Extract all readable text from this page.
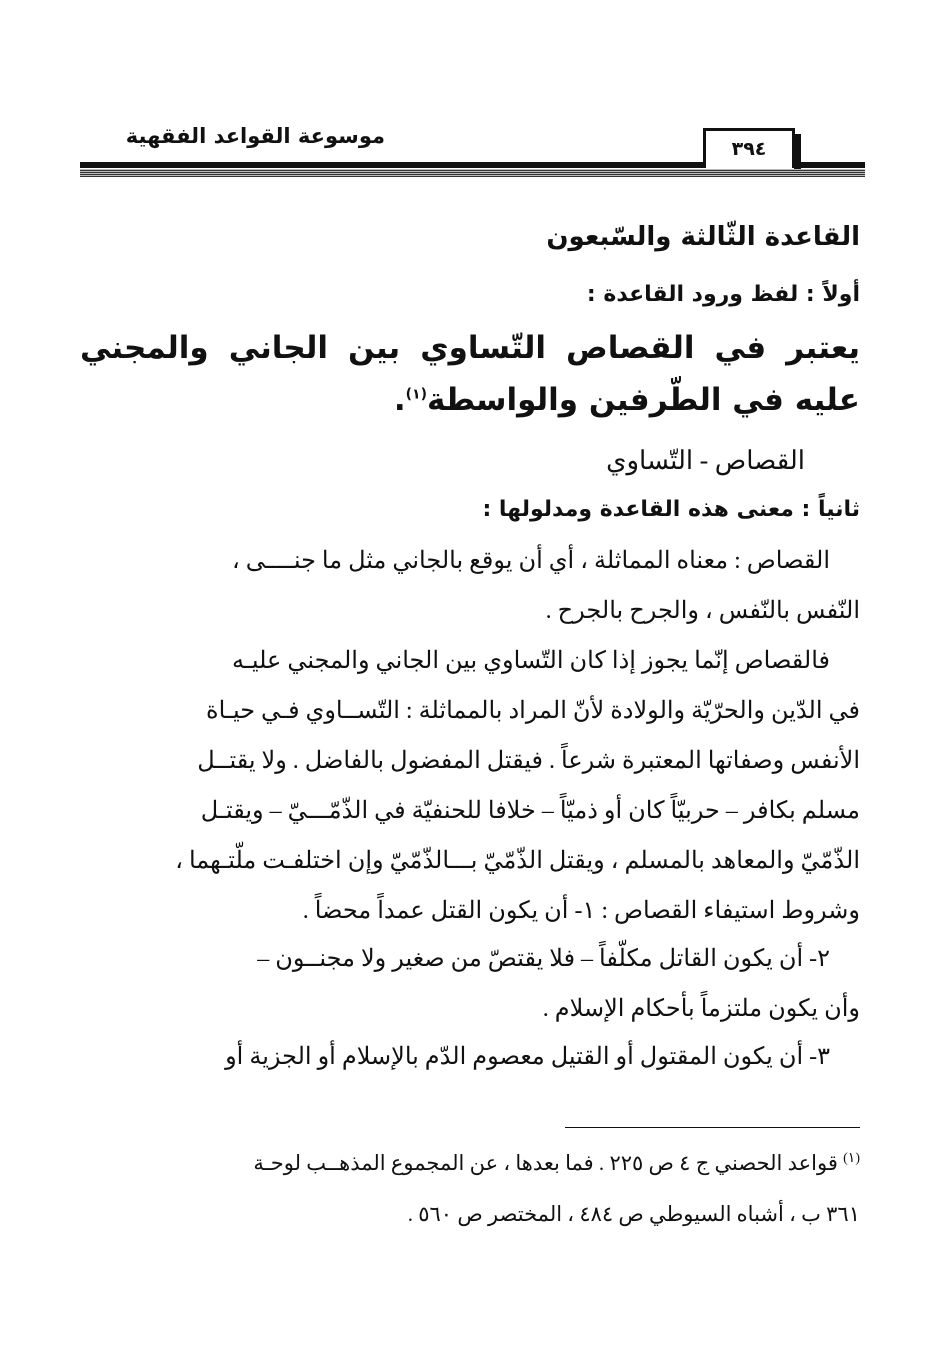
٣٩٤
موسوعة القواعد الفقهية
القاعدة الثّالثة والسّبعون
أولاً : لفظ ورود القاعدة :
يعتبر في القصاص التّساوي بين الجاني والمجني
عليه في الطّرفين والواسطة$^{(١)}$.
القصاص - التّساوي
ثانياً : معنى هذه القاعدة ومدلولها :
القصاص : معناه المماثلة ، أي أن يوقع بالجاني مثل ما جنــــى ،
النّفس بالنّفس ، والجرح بالجرح .
فالقصاص إنّما يجوز إذا كان التّساوي بين الجاني والمجني عليـه
في الدّين والحرّيّة والولادة لأنّ المراد بالمماثلة : التّســاوي فـي حيـاة
الأنفس وصفاتها المعتبرة شرعاً . فيقتل المفضول بالفاضل . ولا يقتــل
مسلم بكافر – حربيّاً كان أو ذميّاً – خلافا للحنفيّة في الذّمّـــيّ – ويقتـل
الذّمّيّ والمعاهد بالمسلم ، ويقتل الذّمّيّ بـــالذّمّيّ وإن اختلفـت ملّتـهما ،
وشروط استيفاء القصاص : ١- أن يكون القتل عمداً محضاً .
٢- أن يكون القاتل مكلّفاً – فلا يقتصّ من صغير ولا مجنــون –
وأن يكون ملتزماً بأحكام الإسلام .
٣- أن يكون المقتول أو القتيل معصوم الدّم بالإسلام أو الجزية أو
$^{(١)}$ قواعد الحصني ج ٤ ص ٢٢٥ . فما بعدها ، عن المجموع المذهــب لوحـة
٣٦١ ب ، أشباه السيوطي ص ٤٨٤ ، المختصر ص ٥٦٠ .
